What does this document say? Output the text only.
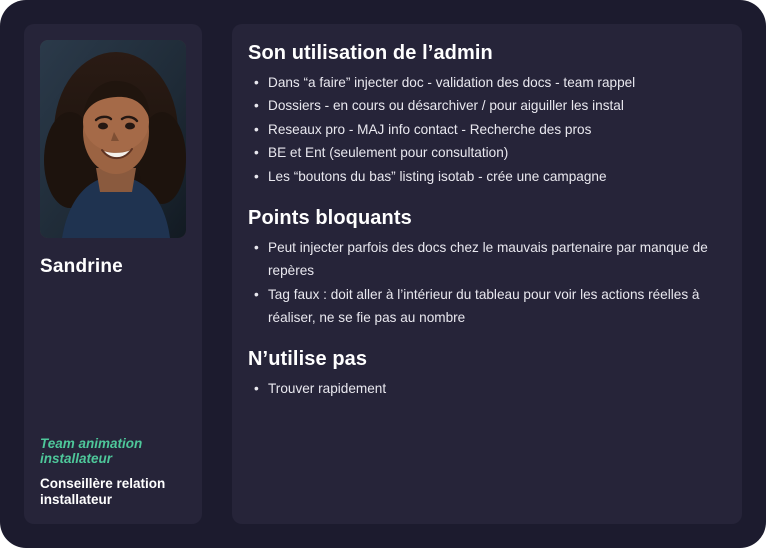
Sandrine
Team animation installateur
Conseillère relation installateur
Son utilisation de l’admin
• Dans “a faire” injecter doc - validation des docs - team rappel
• Dossiers - en cours ou désarchiver / pour aiguiller les instal
• Reseaux pro - MAJ info contact - Recherche des pros
• BE et Ent (seulement pour consultation)
• Les “boutons du bas” listing isotab - crée une campagne
Points bloquants
• Peut injecter parfois des docs chez le mauvais partenaire par manque de repères
• Tag faux : doit aller à l’intérieur du tableau pour voir les actions réelles à réaliser, ne se fie pas au nombre
N’utilise pas
• Trouver rapidement
